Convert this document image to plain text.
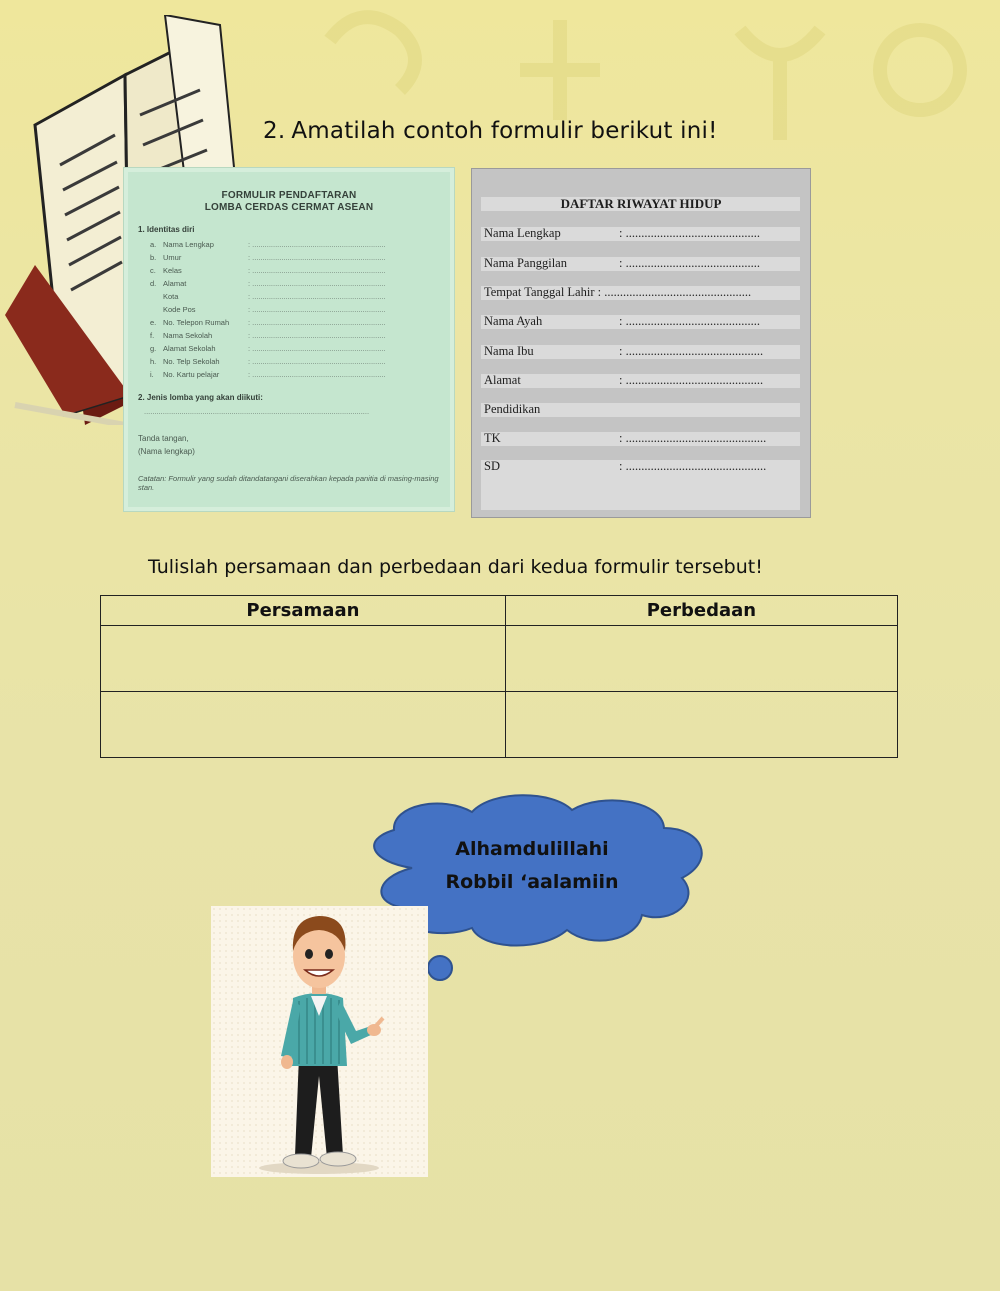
2. Amatilah contoh formulir berikut ini!
FORMULIR PENDAFTARAN
LOMBA CERDAS CERMAT ASEAN
1. Identitas diri
a. Nama Lengkap	: ................................................................
b. Umur	: ................................................................
c. Kelas	: ................................................................
d. Alamat	: ................................................................
Kota	: ................................................................
Kode Pos	: ................................................................
e. No. Telepon Rumah	: ................................................................
f. Nama Sekolah	: ................................................................
g. Alamat Sekolah	: ................................................................
h. No. Telp Sekolah	: ................................................................
i. No. Kartu pelajar	: ................................................................
2. Jenis lomba yang akan diikuti:
............................................................................................................
Tanda tangan,
(Nama lengkap)
Catatan: Formulir yang sudah ditandatangani diserahkan kepada panitia di masing-masing stan.
DAFTAR RIWAYAT HIDUP
Nama Lengkap	: ...........................................
Nama Panggilan	: ...........................................
Tempat Tanggal Lahir : ...............................................
Nama Ayah	: ...........................................
Nama Ibu	: ............................................
Alamat	: ............................................
Pendidikan
TK	: .............................................
SD	: .............................................
Tulislah persamaan dan perbedaan dari kedua formulir tersebut!
Persamaan	Perbedaan

Alhamdulillahi
Robbil ‘aalamiin
